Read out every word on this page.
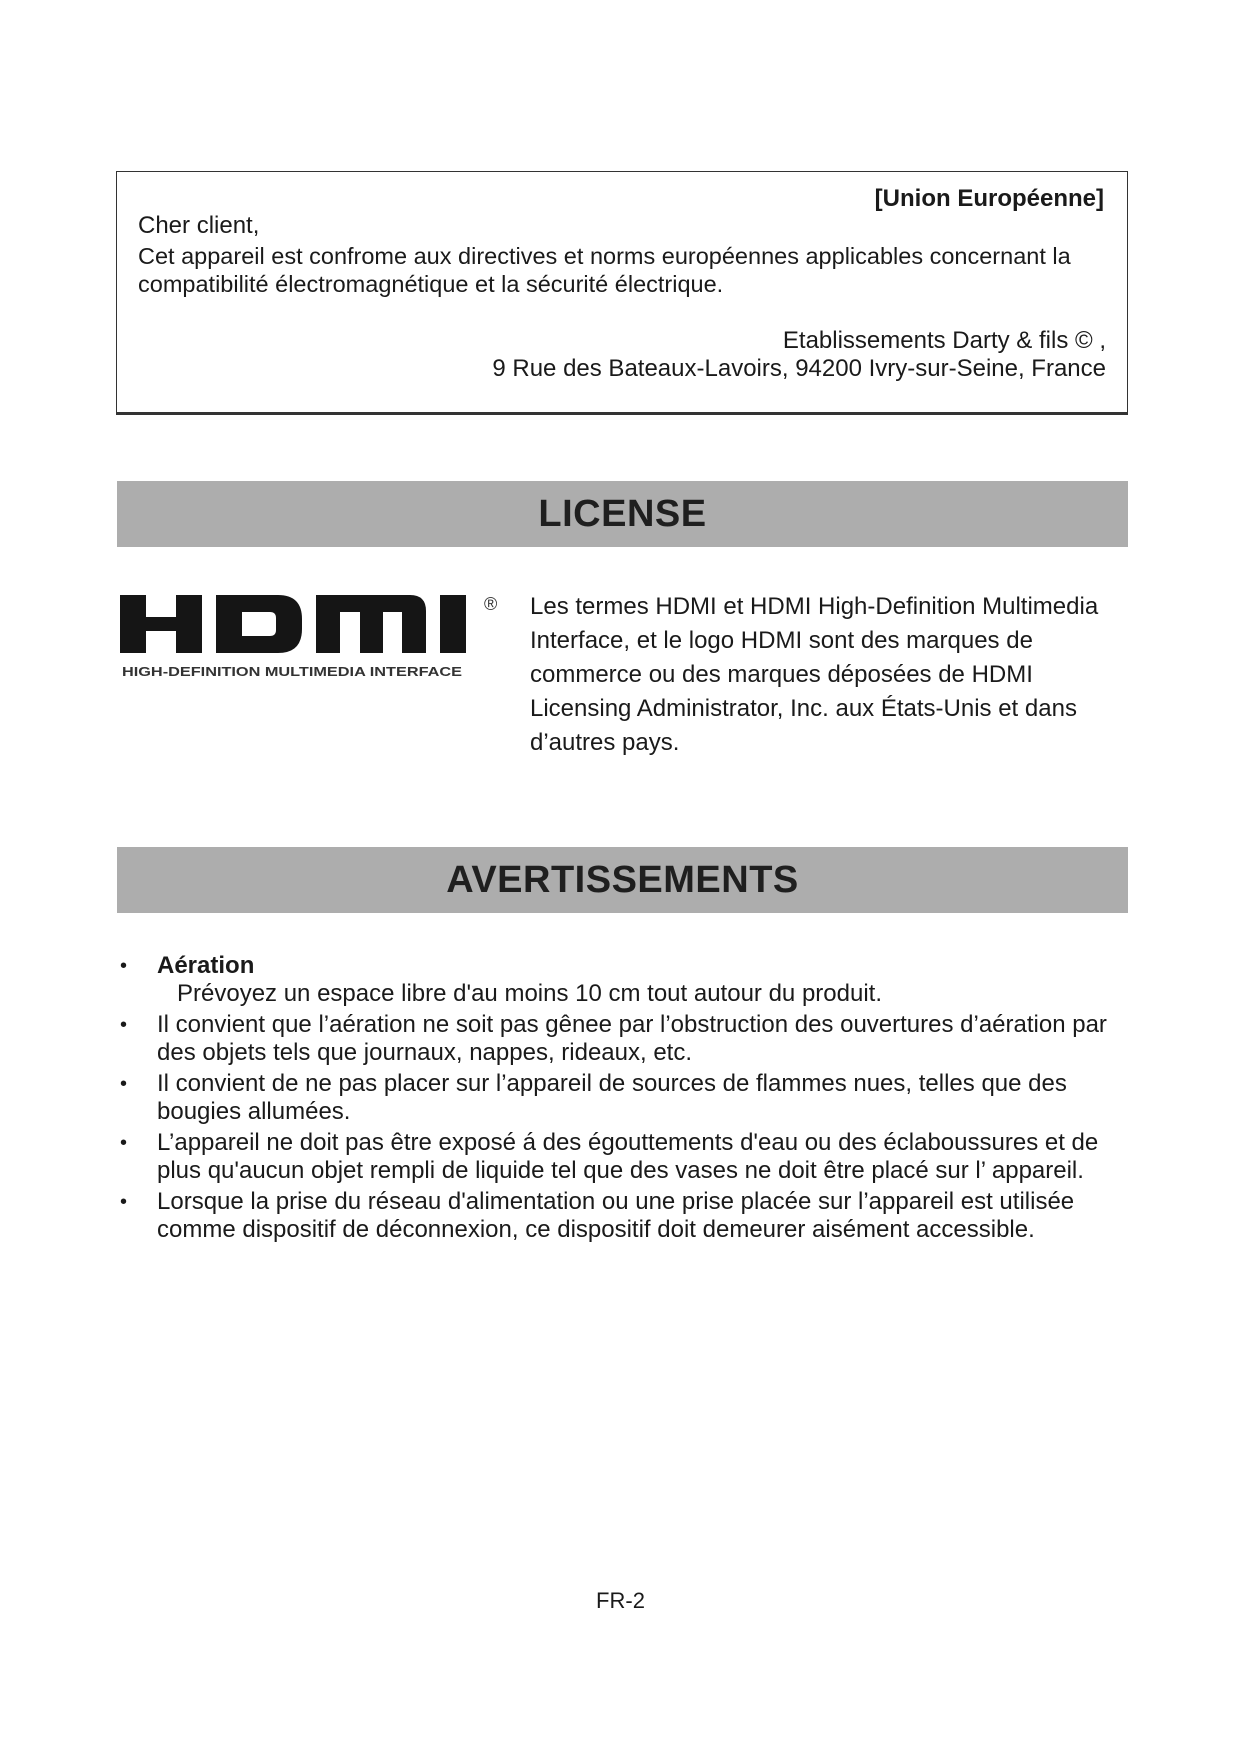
[Union Européenne]
Cher client,
Cet appareil est confrome aux directives et norms européennes applicables concernant la compatibilité électromagnétique et la sécurité électrique.
Etablissements Darty & fils © ,
9 Rue des Bateaux-Lavoirs, 94200 Ivry-sur-Seine, France
LICENSE
HIGH-DEFINITION MULTIMEDIA INTERFACE
® Les termes HDMI et HDMI High-Definition Multimedia Interface, et le logo HDMI sont des marques de commerce ou des marques déposées de HDMI Licensing Administrator, Inc. aux États-Unis et dans d’autres pays.
AVERTISSEMENTS
• Aération
Prévoyez un espace libre d'au moins 10 cm tout autour du produit.
• Il convient que l’aération ne soit pas gênee par l’obstruction des ouvertures d’aération par des objets tels que journaux, nappes, rideaux, etc.
• Il convient de ne pas placer sur l’appareil de sources de flammes nues, telles que des bougies allumées.
• L’appareil ne doit pas être exposé á des égouttements d'eau ou des éclaboussures et de plus qu'aucun objet rempli de liquide tel que des vases ne doit être placé sur l’ appareil.
• Lorsque la prise du réseau d'alimentation ou une prise placée sur l’appareil est utilisée comme dispositif de déconnexion, ce dispositif doit demeurer aisément accessible.
FR-2
